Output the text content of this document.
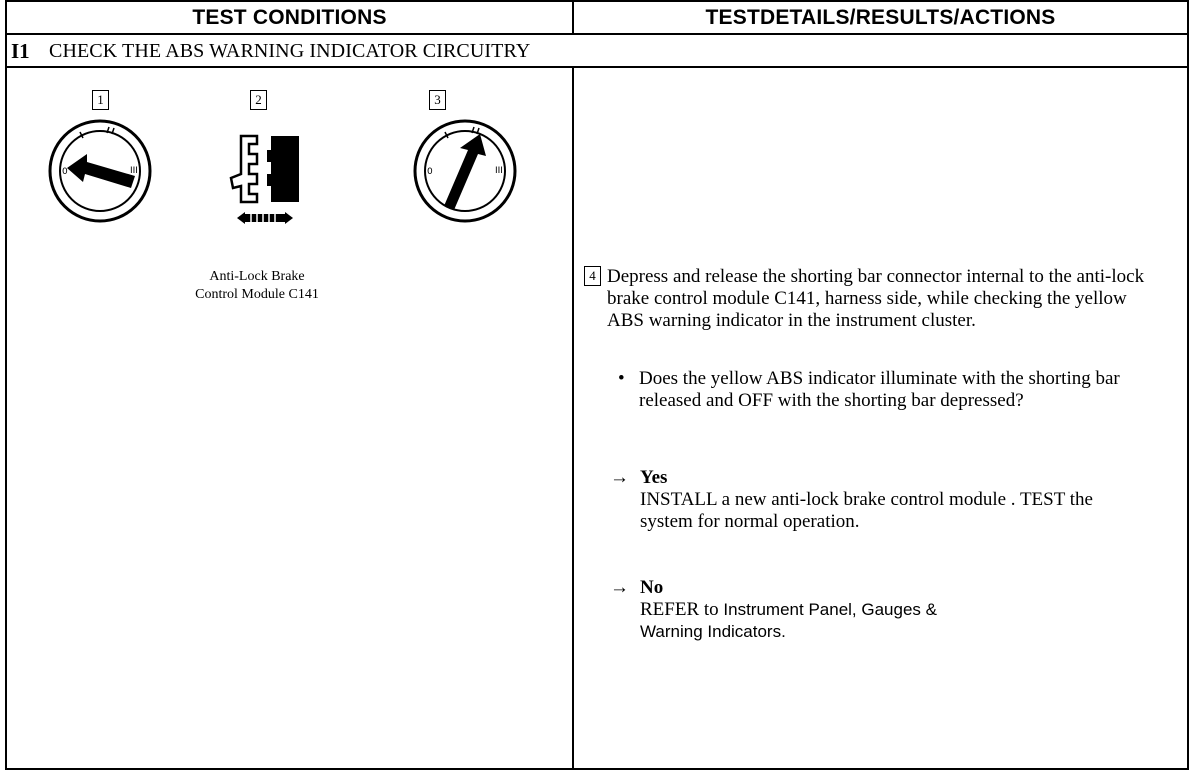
TEST CONDITIONS	TESTDETAILS/RESULTS/ACTIONS
I1 CHECK THE ABS WARNING INDICATOR CIRCUITRY
1	2	3
0	III
Anti-Lock Brake
Control Module C141
0	III
4 Depress and release the shorting bar connector internal to the anti-lock brake control module C141, harness side, while checking the yellow ABS warning indicator in the instrument cluster.
• Does the yellow ABS indicator illuminate with the shorting bar released and OFF with the shorting bar depressed?
→ Yes
INSTALL a new anti-lock brake control module . TEST the system for normal operation.
→ No
REFER to Instrument Panel, Gauges & Warning Indicators.
